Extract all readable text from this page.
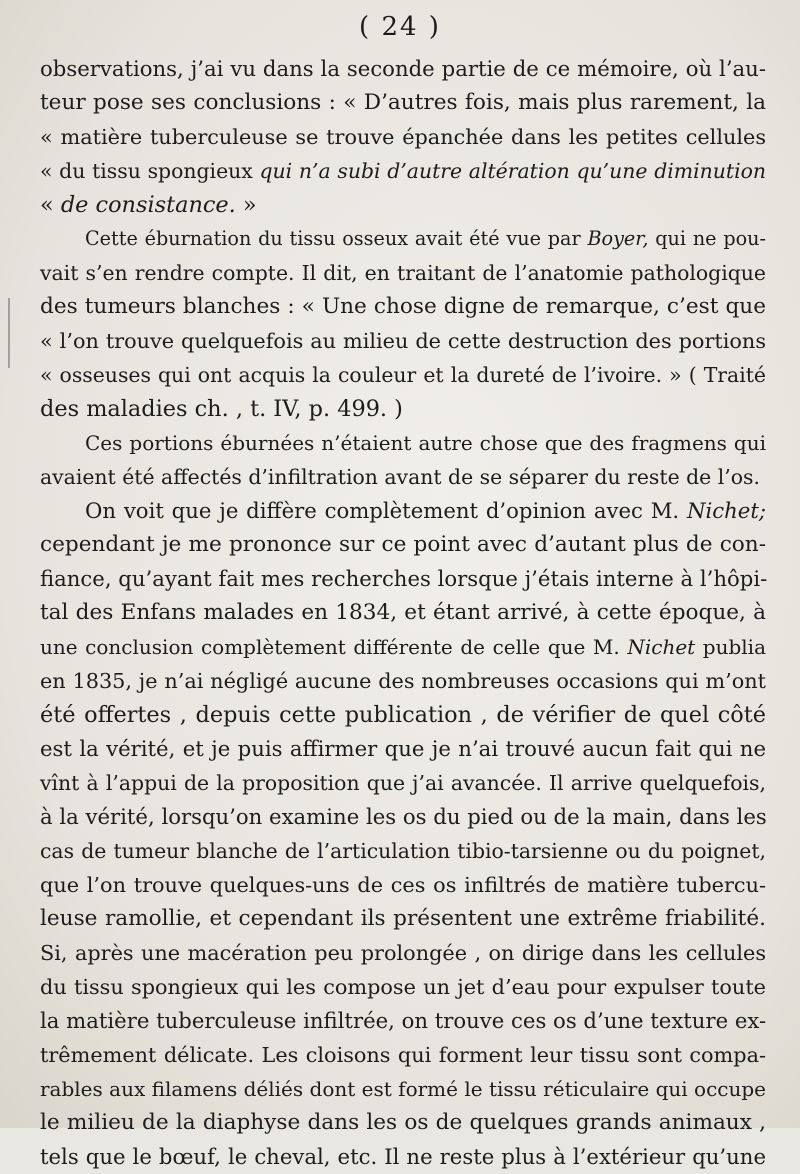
( 24 )
observations, j’ai vu dans la seconde partie de ce mémoire, où l’au-
teur pose ses conclusions : « D’autres fois, mais plus rarement, la
« matière tuberculeuse se trouve épanchée dans les petites cellules
« du tissu spongieux qui n’a subi d’autre altération qu’une diminution
« de consistance. »
Cette éburnation du tissu osseux avait été vue par Boyer, qui ne pou-
vait s’en rendre compte. Il dit, en traitant de l’anatomie pathologique
des tumeurs blanches : « Une chose digne de remarque, c’est que
« l’on trouve quelquefois au milieu de cette destruction des portions
« osseuses qui ont acquis la couleur et la dureté de l’ivoire. » ( Traité
des maladies ch. , t. IV, p. 499. )
Ces portions éburnées n’étaient autre chose que des fragmens qui
avaient été affectés d’infiltration avant de se séparer du reste de l’os.
On voit que je diffère complètement d’opinion avec M. Nichet;
cependant je me prononce sur ce point avec d’autant plus de con-
fiance, qu’ayant fait mes recherches lorsque j’étais interne à l’hôpi-
tal des Enfans malades en 1834, et étant arrivé, à cette époque, à
une conclusion complètement différente de celle que M. Nichet publia
en 1835, je n’ai négligé aucune des nombreuses occasions qui m’ont
été offertes , depuis cette publication , de vérifier de quel côté
est la vérité, et je puis affirmer que je n’ai trouvé aucun fait qui ne
vînt à l’appui de la proposition que j’ai avancée. Il arrive quelquefois,
à la vérité, lorsqu’on examine les os du pied ou de la main, dans les
cas de tumeur blanche de l’articulation tibio-tarsienne ou du poignet,
que l’on trouve quelques-uns de ces os infiltrés de matière tubercu-
leuse ramollie, et cependant ils présentent une extrême friabilité.
Si, après une macération peu prolongée , on dirige dans les cellules
du tissu spongieux qui les compose un jet d’eau pour expulser toute
la matière tuberculeuse infiltrée, on trouve ces os d’une texture ex-
trêmement délicate. Les cloisons qui forment leur tissu sont compa-
rables aux filamens déliés dont est formé le tissu réticulaire qui occupe
le milieu de la diaphyse dans les os de quelques grands animaux ,
tels que le bœuf, le cheval, etc. Il ne reste plus à l’extérieur qu’une
